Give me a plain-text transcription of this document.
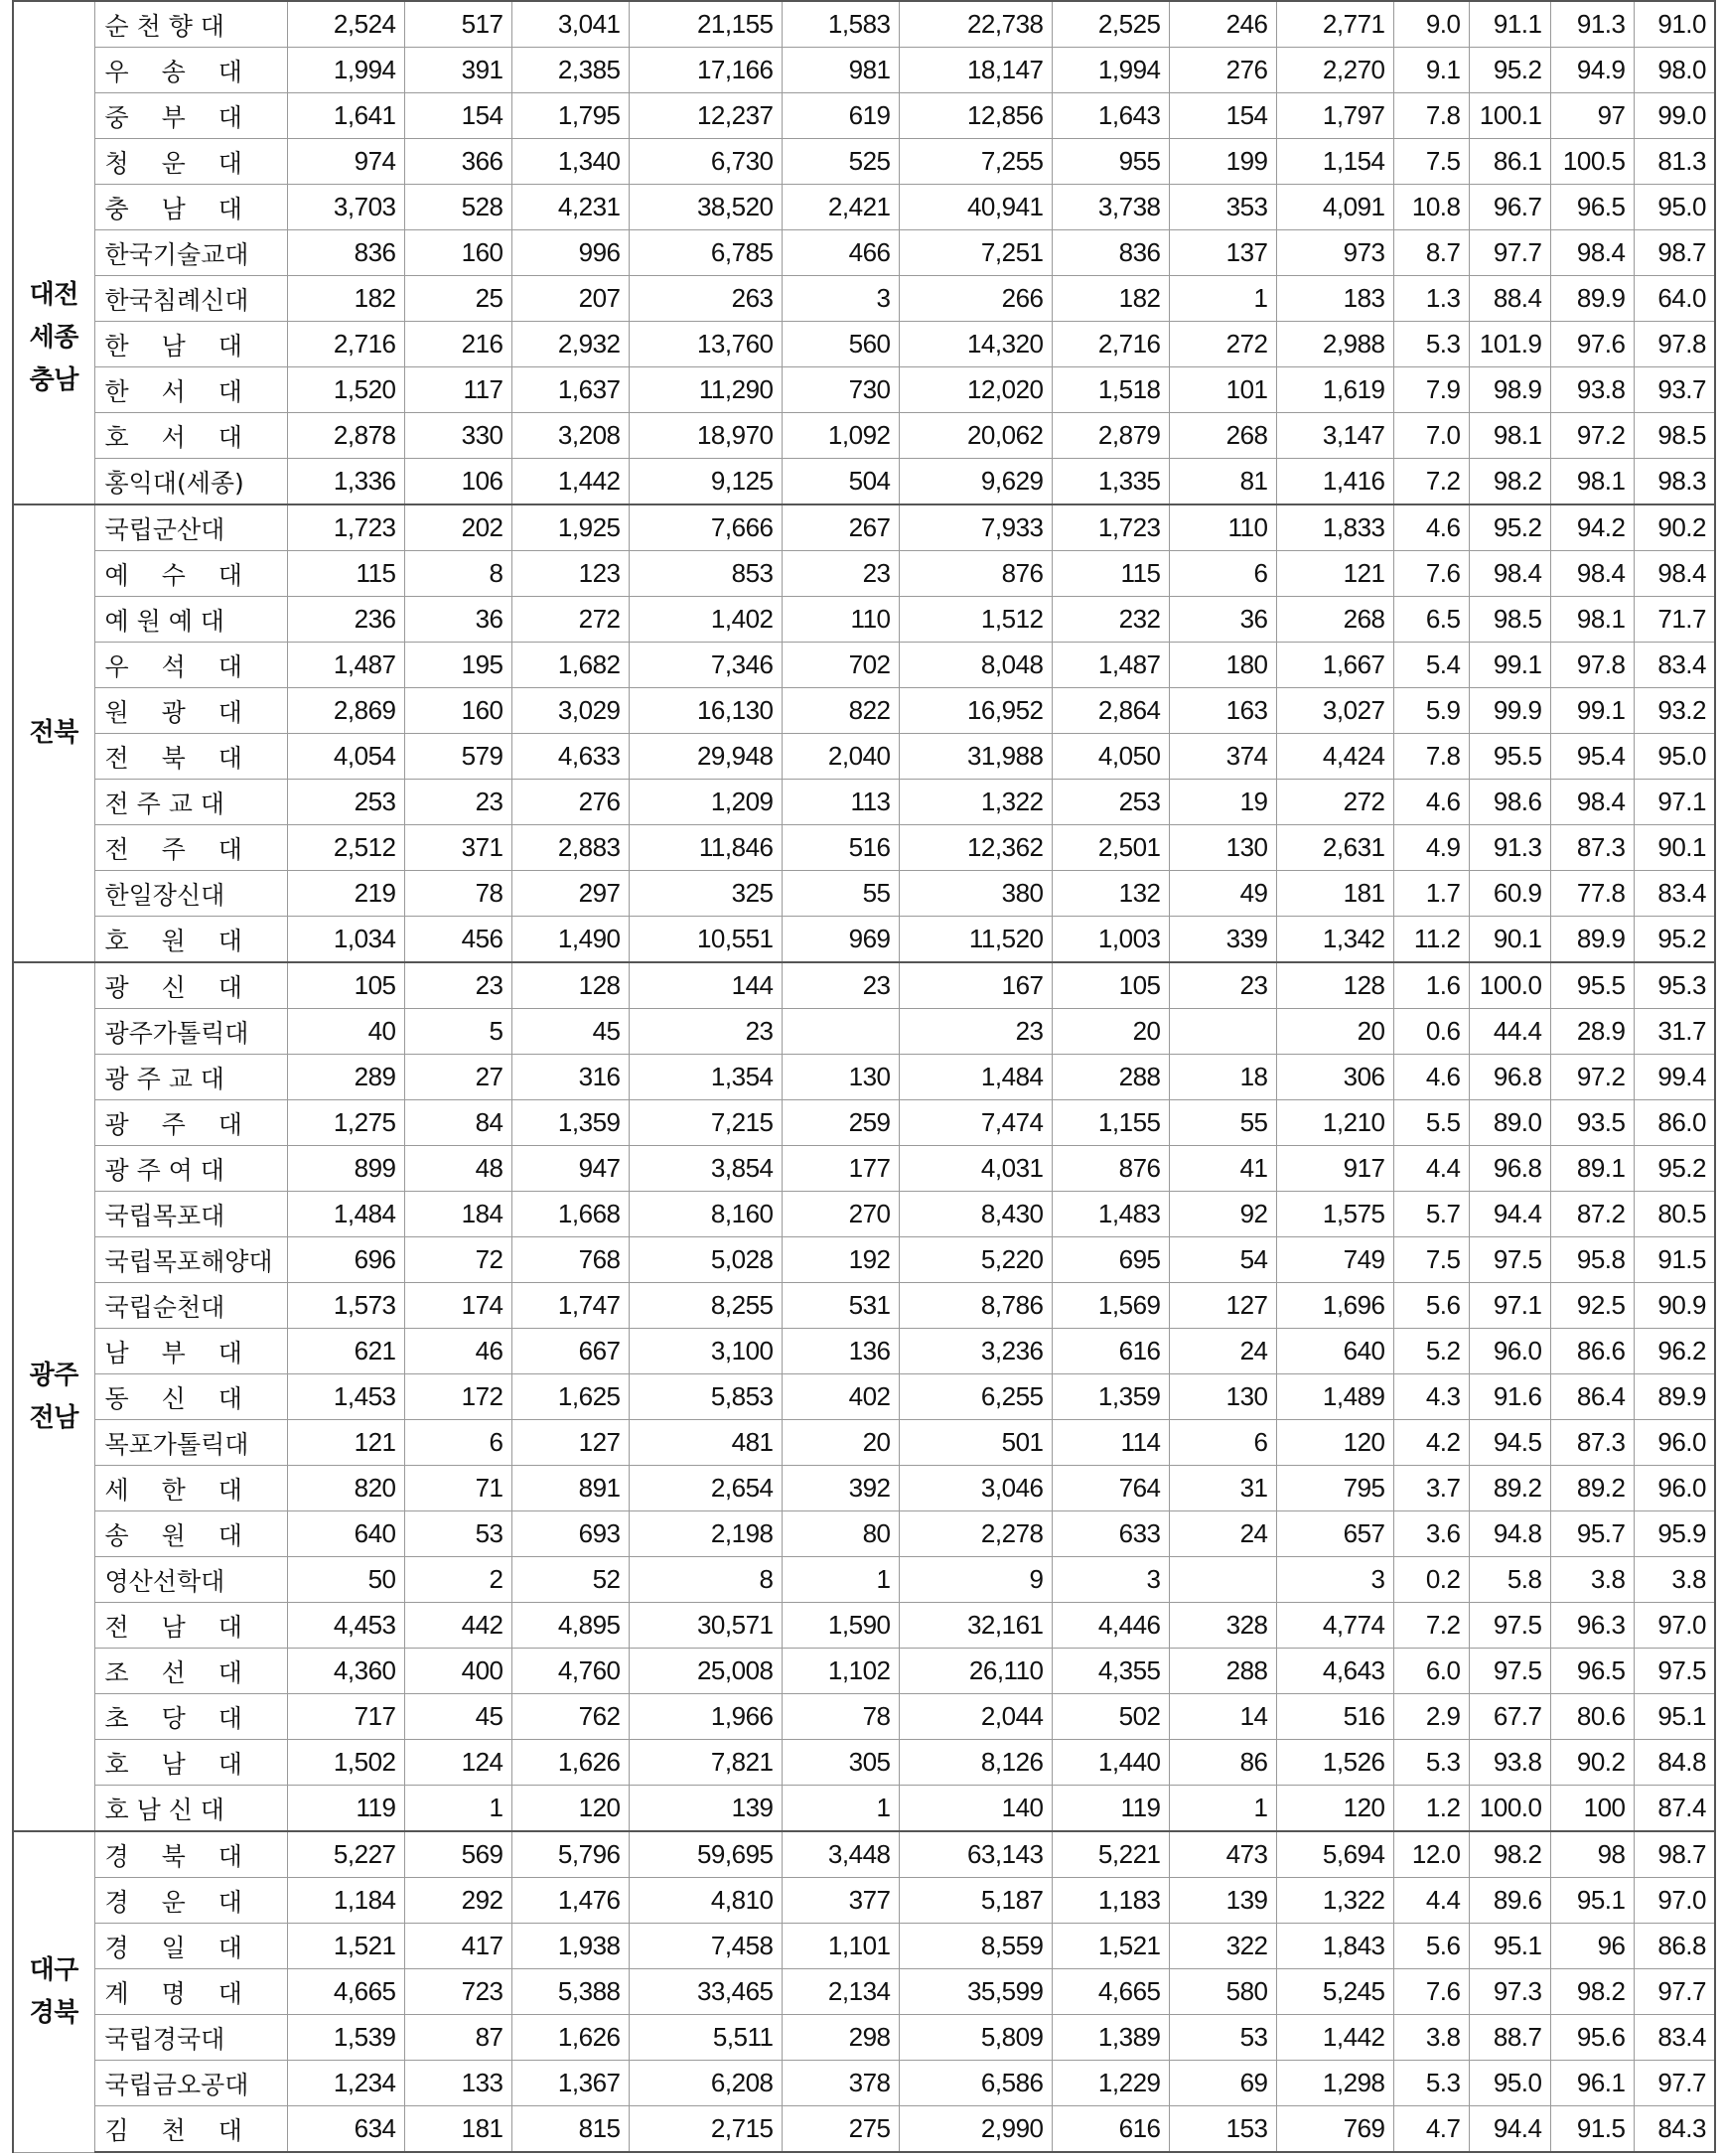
대전
세종
충남	순 천 향 대	2,524	517	3,041	21,155	1,583	22,738	2,525	246	2,771	9.0	91.1	91.3	91.0
	우　 송　 대	1,994	391	2,385	17,166	981	18,147	1,994	276	2,270	9.1	95.2	94.9	98.0
	중　 부　 대	1,641	154	1,795	12,237	619	12,856	1,643	154	1,797	7.8	100.1	97	99.0
	청　 운　 대	974	366	1,340	6,730	525	7,255	955	199	1,154	7.5	86.1	100.5	81.3
	충　 남　 대	3,703	528	4,231	38,520	2,421	40,941	3,738	353	4,091	10.8	96.7	96.5	95.0
	한국기술교대	836	160	996	6,785	466	7,251	836	137	973	8.7	97.7	98.4	98.7
	한국침례신대	182	25	207	263	3	266	182	1	183	1.3	88.4	89.9	64.0
	한　 남　 대	2,716	216	2,932	13,760	560	14,320	2,716	272	2,988	5.3	101.9	97.6	97.8
	한　 서　 대	1,520	117	1,637	11,290	730	12,020	1,518	101	1,619	7.9	98.9	93.8	93.7
	호　 서　 대	2,878	330	3,208	18,970	1,092	20,062	2,879	268	3,147	7.0	98.1	97.2	98.5
	홍익대(세종)	1,336	106	1,442	9,125	504	9,629	1,335	81	1,416	7.2	98.2	98.1	98.3
전북	국립군산대	1,723	202	1,925	7,666	267	7,933	1,723	110	1,833	4.6	95.2	94.2	90.2
	예　 수　 대	115	8	123	853	23	876	115	6	121	7.6	98.4	98.4	98.4
	예 원 예 대	236	36	272	1,402	110	1,512	232	36	268	6.5	98.5	98.1	71.7
	우　 석　 대	1,487	195	1,682	7,346	702	8,048	1,487	180	1,667	5.4	99.1	97.8	83.4
	원　 광　 대	2,869	160	3,029	16,130	822	16,952	2,864	163	3,027	5.9	99.9	99.1	93.2
	전　 북　 대	4,054	579	4,633	29,948	2,040	31,988	4,050	374	4,424	7.8	95.5	95.4	95.0
	전 주 교 대	253	23	276	1,209	113	1,322	253	19	272	4.6	98.6	98.4	97.1
	전　 주　 대	2,512	371	2,883	11,846	516	12,362	2,501	130	2,631	4.9	91.3	87.3	90.1
	한일장신대	219	78	297	325	55	380	132	49	181	1.7	60.9	77.8	83.4
	호　 원　 대	1,034	456	1,490	10,551	969	11,520	1,003	339	1,342	11.2	90.1	89.9	95.2
광주
전남	광　 신　 대	105	23	128	144	23	167	105	23	128	1.6	100.0	95.5	95.3
	광주가톨릭대	40	5	45	23		23	20		20	0.6	44.4	28.9	31.7
	광 주 교 대	289	27	316	1,354	130	1,484	288	18	306	4.6	96.8	97.2	99.4
	광　 주　 대	1,275	84	1,359	7,215	259	7,474	1,155	55	1,210	5.5	89.0	93.5	86.0
	광 주 여 대	899	48	947	3,854	177	4,031	876	41	917	4.4	96.8	89.1	95.2
	국립목포대	1,484	184	1,668	8,160	270	8,430	1,483	92	1,575	5.7	94.4	87.2	80.5
	국립목포해양대	696	72	768	5,028	192	5,220	695	54	749	7.5	97.5	95.8	91.5
	국립순천대	1,573	174	1,747	8,255	531	8,786	1,569	127	1,696	5.6	97.1	92.5	90.9
	남　 부　 대	621	46	667	3,100	136	3,236	616	24	640	5.2	96.0	86.6	96.2
	동　 신　 대	1,453	172	1,625	5,853	402	6,255	1,359	130	1,489	4.3	91.6	86.4	89.9
	목포가톨릭대	121	6	127	481	20	501	114	6	120	4.2	94.5	87.3	96.0
	세　 한　 대	820	71	891	2,654	392	3,046	764	31	795	3.7	89.2	89.2	96.0
	송　 원　 대	640	53	693	2,198	80	2,278	633	24	657	3.6	94.8	95.7	95.9
	영산선학대	50	2	52	8	1	9	3		3	0.2	5.8	3.8	3.8
	전　 남　 대	4,453	442	4,895	30,571	1,590	32,161	4,446	328	4,774	7.2	97.5	96.3	97.0
	조　 선　 대	4,360	400	4,760	25,008	1,102	26,110	4,355	288	4,643	6.0	97.5	96.5	97.5
	초　 당　 대	717	45	762	1,966	78	2,044	502	14	516	2.9	67.7	80.6	95.1
	호　 남　 대	1,502	124	1,626	7,821	305	8,126	1,440	86	1,526	5.3	93.8	90.2	84.8
	호 남 신 대	119	1	120	139	1	140	119	1	120	1.2	100.0	100	87.4
대구
경북	경　 북　 대	5,227	569	5,796	59,695	3,448	63,143	5,221	473	5,694	12.0	98.2	98	98.7
	경　 운　 대	1,184	292	1,476	4,810	377	5,187	1,183	139	1,322	4.4	89.6	95.1	97.0
	경　 일　 대	1,521	417	1,938	7,458	1,101	8,559	1,521	322	1,843	5.6	95.1	96	86.8
	계　 명　 대	4,665	723	5,388	33,465	2,134	35,599	4,665	580	5,245	7.6	97.3	98.2	97.7
	국립경국대	1,539	87	1,626	5,511	298	5,809	1,389	53	1,442	3.8	88.7	95.6	83.4
	국립금오공대	1,234	133	1,367	6,208	378	6,586	1,229	69	1,298	5.3	95.0	96.1	97.7
	김　 천　 대	634	181	815	2,715	275	2,990	616	153	769	4.7	94.4	91.5	84.3
